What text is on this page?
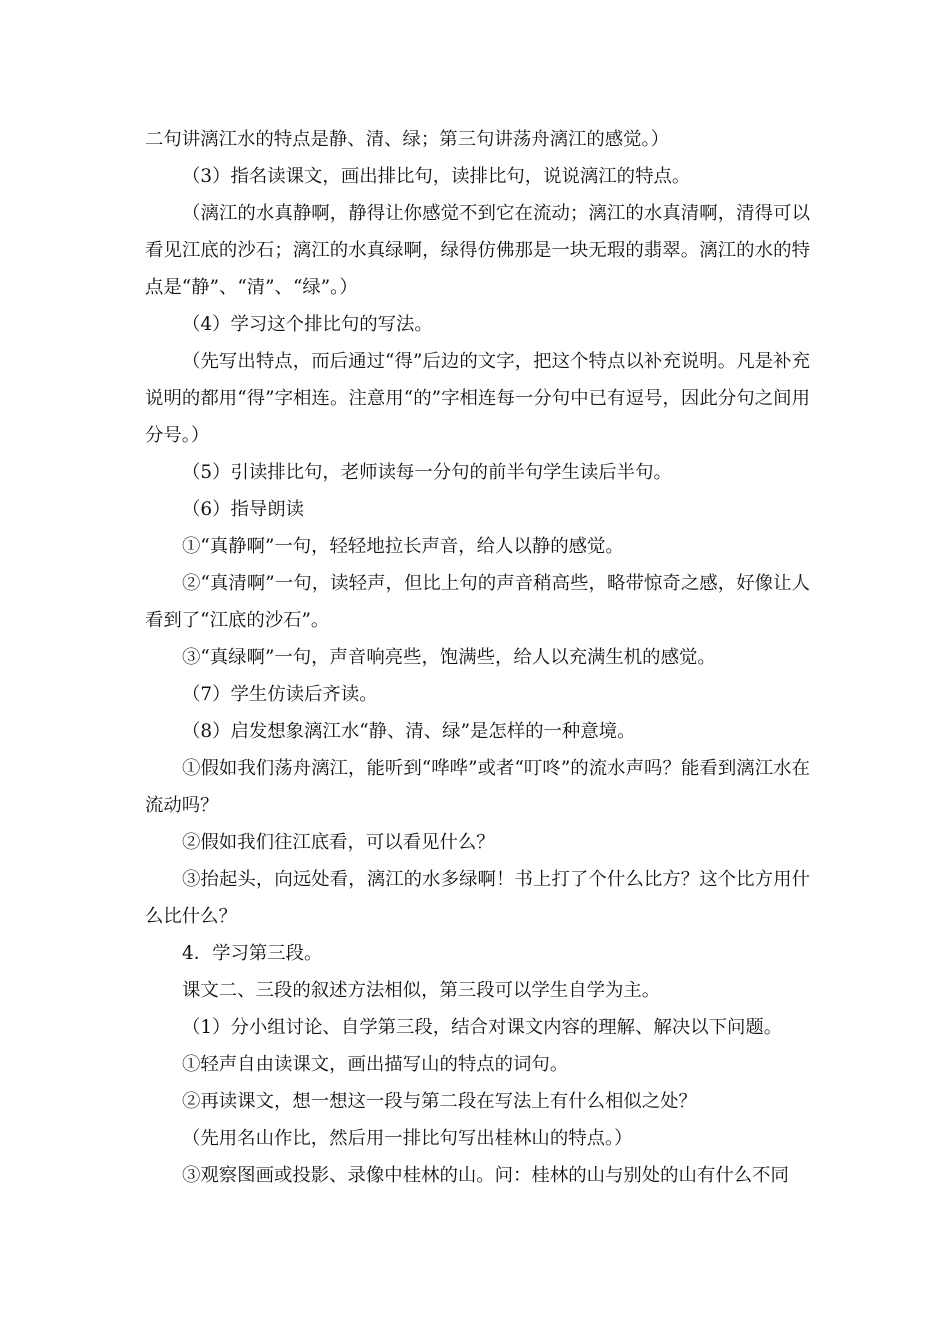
二句讲漓江水的特点是静、清、绿；第三句讲荡舟漓江的感觉。）

（3）指名读课文，画出排比句，读排比句，说说漓江的特点。

（漓江的水真静啊，静得让你感觉不到它在流动；漓江的水真清啊，清得可以看见江底的沙石；漓江的水真绿啊，绿得仿佛那是一块无瑕的翡翠。漓江的水的特点是“静”、“清”、“绿”。）

（4）学习这个排比句的写法。

（先写出特点，而后通过“得”后边的文字，把这个特点以补充说明。凡是补充说明的都用“得”字相连。注意用“的”字相连每一分句中已有逗号，因此分句之间用分号。）

（5）引读排比句，老师读每一分句的前半句学生读后半句。

（6）指导朗读

①“真静啊”一句，轻轻地拉长声音，给人以静的感觉。

②“真清啊”一句，读轻声，但比上句的声音稍高些，略带惊奇之感，好像让人看到了“江底的沙石”。

③“真绿啊”一句，声音响亮些，饱满些，给人以充满生机的感觉。

（7）学生仿读后齐读。

（8）启发想象漓江水“静、清、绿”是怎样的一种意境。

①假如我们荡舟漓江，能听到“哗哗”或者“叮咚”的流水声吗？能看到漓江水在流动吗？

②假如我们往江底看，可以看见什么？

③抬起头，向远处看，漓江的水多绿啊！书上打了个什么比方？这个比方用什么比什么？

4．学习第三段。

课文二、三段的叙述方法相似，第三段可以学生自学为主。

（1）分小组讨论、自学第三段，结合对课文内容的理解、解决以下问题。

①轻声自由读课文，画出描写山的特点的词句。

②再读课文，想一想这一段与第二段在写法上有什么相似之处？

（先用名山作比，然后用一排比句写出桂林山的特点。）

③观察图画或投影、录像中桂林的山。问：桂林的山与别处的山有什么不同
